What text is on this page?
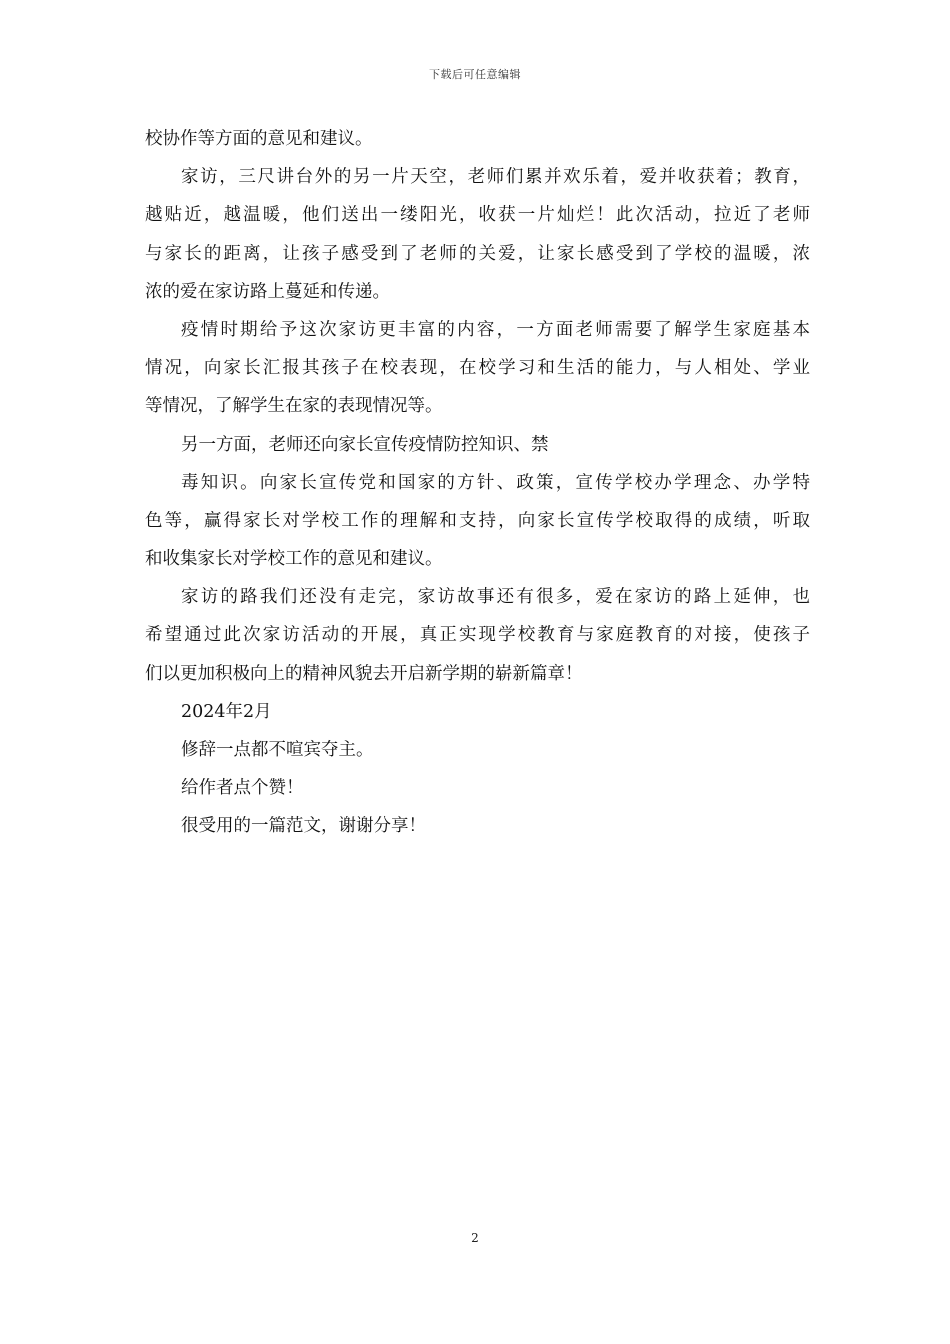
下载后可任意编辑
校协作等方面的意见和建议。
家访，三尺讲台外的另一片天空，老师们累并欢乐着，爱并收获着；教育，
越贴近，越温暖，他们送出一缕阳光，收获一片灿烂！此次活动，拉近了老师
与家长的距离，让孩子感受到了老师的关爱，让家长感受到了学校的温暖，浓
浓的爱在家访路上蔓延和传递。
疫情时期给予这次家访更丰富的内容，一方面老师需要了解学生家庭基本
情况，向家长汇报其孩子在校表现，在校学习和生活的能力，与人相处、学业
等情况，了解学生在家的表现情况等。
另一方面，老师还向家长宣传疫情防控知识、禁
毒知识。向家长宣传党和国家的方针、政策，宣传学校办学理念、办学特
色等，赢得家长对学校工作的理解和支持，向家长宣传学校取得的成绩，听取
和收集家长对学校工作的意见和建议。
家访的路我们还没有走完，家访故事还有很多，爱在家访的路上延伸，也
希望通过此次家访活动的开展，真正实现学校教育与家庭教育的对接，使孩子
们以更加积极向上的精神风貌去开启新学期的崭新篇章！
2024年2月
修辞一点都不喧宾夺主。
给作者点个赞！
很受用的一篇范文，谢谢分享！
2
